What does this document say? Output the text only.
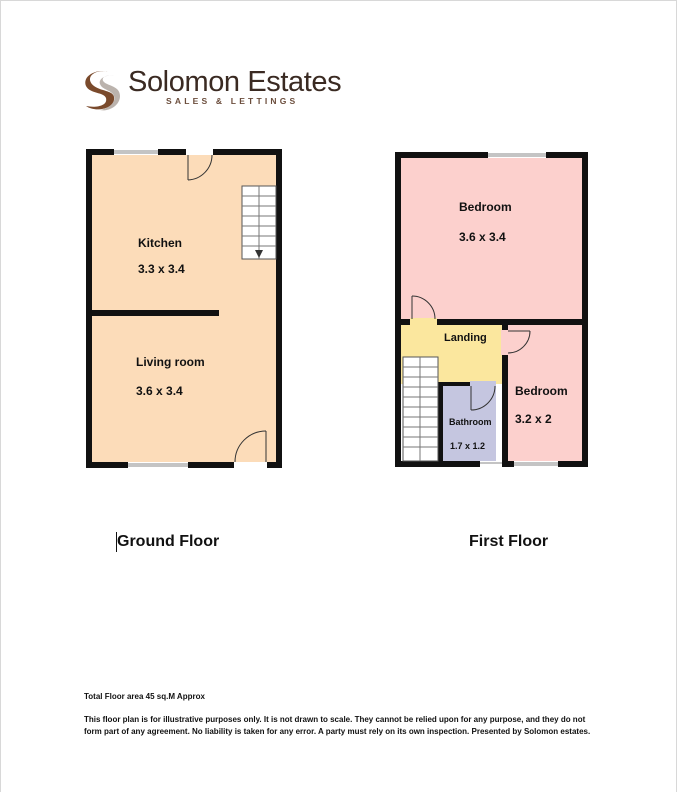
Solomon Estates
SALES & LETTINGS
Kitchen
3.3 x 3.4
Living room
3.6 x 3.4
Bedroom
3.6 x 3.4
Landing
Bathroom
1.7 x 1.2
Bedroom
3.2 x 2
Ground Floor	First Floor
Total Floor area 45 sq.M Approx
This floor plan is for illustrative purposes only. It is not drawn to scale. They cannot be relied upon for any purpose, and they do not
form part of any agreement. No liability is taken for any error. A party must rely on its own inspection. Presented by Solomon estates.
